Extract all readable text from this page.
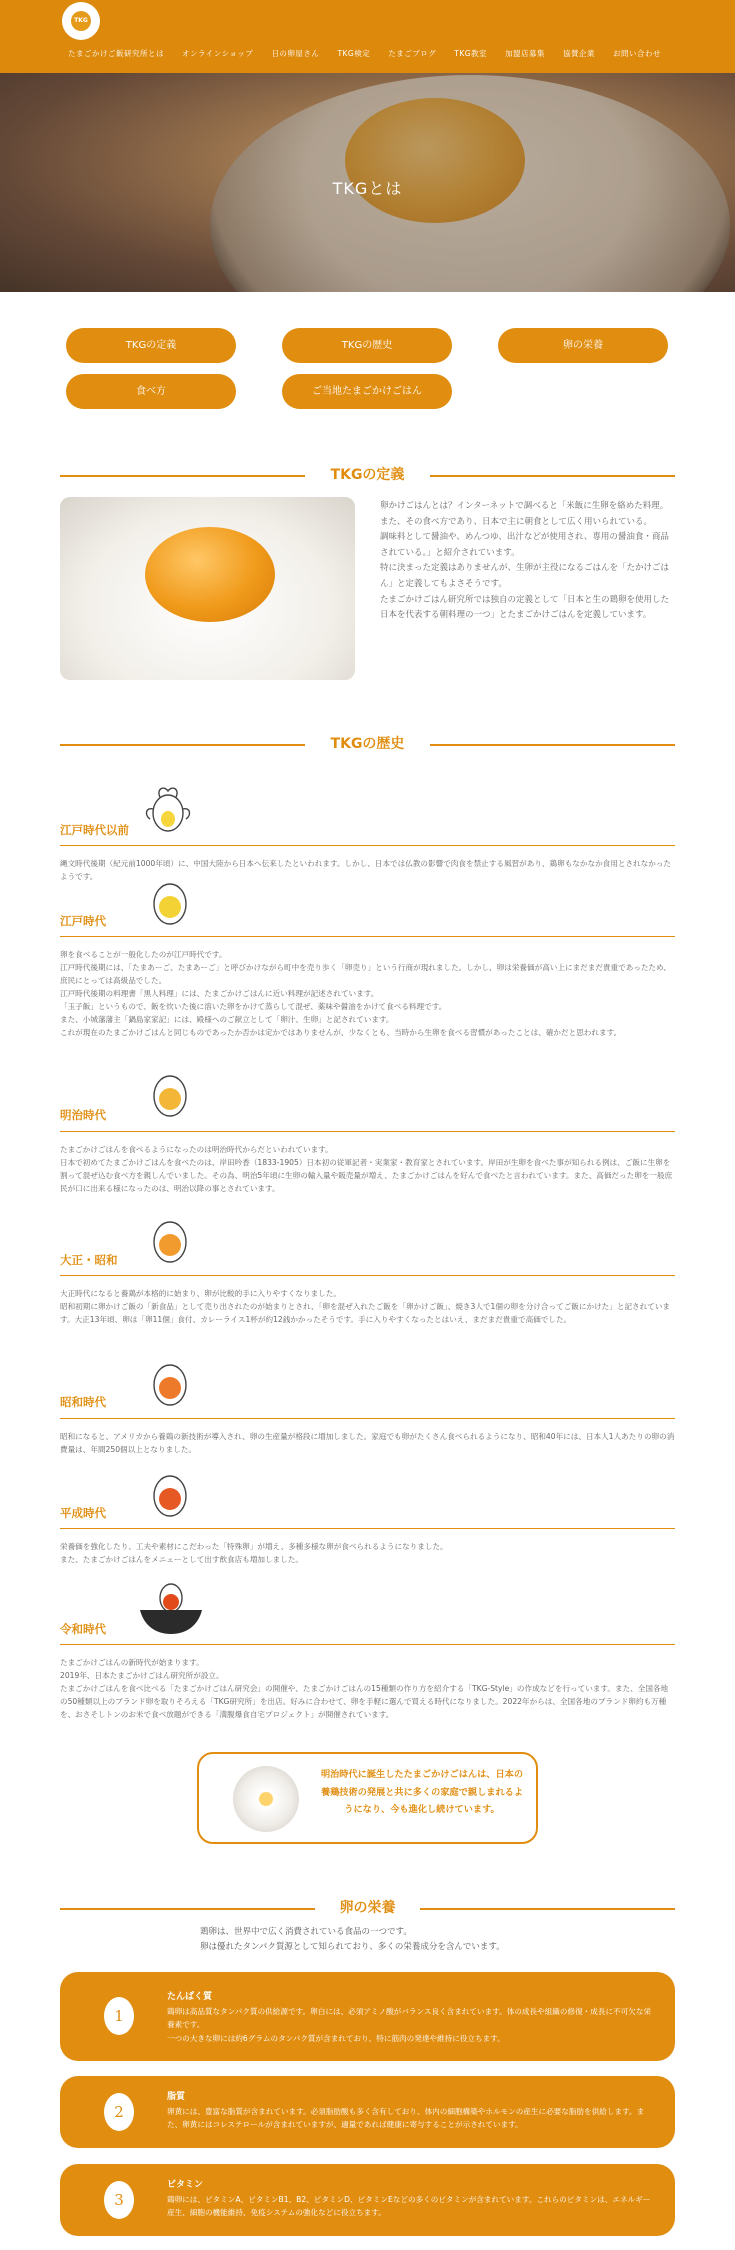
TKG
たまごかけご飯研究所とは	オンラインショップ	日の卵屋さん	TKG検定	たまごブログ	TKG教室	加盟店募集	協賛企業	お問い合わせ
TKGとは
TKGの定義	TKGの歴史	卵の栄養
食べ方	ご当地たまごかけごはん
TKGの定義

卵かけごはんとは？インターネットで調べると「米飯に生卵を絡めた料理。また、その食べ方であり、日本で主に朝食として広く用いられている。

調味料として醤油や、めんつゆ、出汁などが使用され、専用の醤油食・商品されている。」と紹介されています。

特に決まった定義はありませんが、生卵が主役になるごはんを「たかけごはん」と定義してもよさそうです。

たまごかけごはん研究所では独自の定義として「日本と生の鶏卵を使用した日本を代表する朝料理の一つ」とたまごかけごはんを定義しています。

TKGの歴史
江戸時代以前
縄文時代後期（紀元前1000年頃）に、中国大陸から日本へ伝来したといわれます。しかし、日本では仏教の影響で肉食を禁止する風習があり、鶏卵もなかなか食用とされなかったようです。
江戸時代
卵を食べることが一般化したのが江戸時代です。
江戸時代後期には、「たまあーご、たまあーご」と呼びかけながら町中を売り歩く「卵売り」という行商が現れました。しかし、卵は栄養価が高い上にまだまだ貴重であったため、庶民にとっては高級品でした。
江戸時代後期の料理書「黒人料理」には、たまごかけごはんに近い料理が記述されています。
「玉子飯」というもので、飯を炊いた後に溶いた卵をかけて蒸らして混ぜ、薬味や醤油をかけて食べる料理です。
また、小城藩藩主「鍋島家家記」には、殿様へのご献立として「卵汁、生卵」と記されています。
これが現在のたまごかけごはんと同じものであったか否かは定かではありませんが、少なくとも、当時から生卵を食べる習慣があったことは、確かだと思われます。
明治時代
たまごかけごはんを食べるようになったのは明治時代からだといわれています。
日本で初めてたまごかけごはんを食べたのは、岸田吟香（1833-1905）日本初の従軍記者・実業家・教育家とされています。岸田が生卵を食べた事が知られる例は、ご飯に生卵を割って混ぜ込む食べ方を親しんでいました。その為、明治5年頃に生卵の輸入量や販売量が増え、たまごかけごはんを好んで食べたと言われています。また、高価だった卵を一般庶民が口に出来る様になったのは、明治以降の事とされています。
大正・昭和
大正時代になると養鶏が本格的に始まり、卵が比較的手に入りやすくなりました。
昭和初期に卵かけご飯の「新食品」として売り出されたのが始まりとされ、「卵を混ぜ入れたご飯を「卵かけご飯」、焼き3人で1個の卵を分け合ってご飯にかけた」と記されています。大正13年頃、卵は「卵11個」食付、カレーライス1杯が約12銭かかったそうです。手に入りやすくなったとはいえ、まだまだ貴重で高価でした。
昭和時代
昭和になると、アメリカから養鶏の新技術が導入され、卵の生産量が格段に増加しました。家庭でも卵がたくさん食べられるようになり、昭和40年には、日本人1人あたりの卵の消費量は、年間250個以上となりました。
平成時代
栄養価を強化したり、工夫や素材にこだわった「特殊卵」が増え、多種多様な卵が食べられるようになりました。
また、たまごかけごはんをメニューとして出す飲食店も増加しました。
令和時代
たまごかけごはんの新時代が始まります。
2019年、日本たまごかけごはん研究所が設立。
たまごかけごはんを食べ比べる「たまごかけごはん研究会」の開催や、たまごかけごはんの15種類の作り方を紹介する「TKG-Style」の作成などを行っています。また、全国各地の50種類以上のブランド卵を取りそろえる「TKG研究所」を出店。好みに合わせて、卵を手軽に選んで買える時代になりました。2022年からは、全国各地のブランド卵約も万種を、おさそしトンのお米で食べ放題ができる「満腹爆食自宅プロジェクト」が開催されています。
明治時代に誕生したたまごかけごはんは、日本の養鶏技術の発展と共に多くの家庭で親しまれるようになり、今も進化し続けています。
卵の栄養
鶏卵は、世界中で広く消費されている食品の一つです。
卵は優れたタンパク質源として知られており、多くの栄養成分を含んでいます。
1
たんぱく質
鶏卵は高品質なタンパク質の供給源です。卵白には、必須アミノ酸がバランス良く含まれています。体の成長や組織の修復・成長に不可欠な栄養素です。
一つの大きな卵には約6グラムのタンパク質が含まれており、特に筋肉の発達や維持に役立ちます。
2
脂質
卵黄には、豊富な脂質が含まれています。必須脂肪酸も多く含有しており、体内の細胞構築やホルモンの産生に必要な脂肪を供給します。また、卵黄にはコレステロールが含まれていますが、適量であれば健康に寄与することが示されています。
3
ビタミン
鶏卵には、ビタミンA、ビタミンB1、B2、ビタミンD、ビタミンEなどの多くのビタミンが含まれています。これらのビタミンは、エネルギー産生、細胞の機能維持、免疫システムの強化などに役立ちます。
